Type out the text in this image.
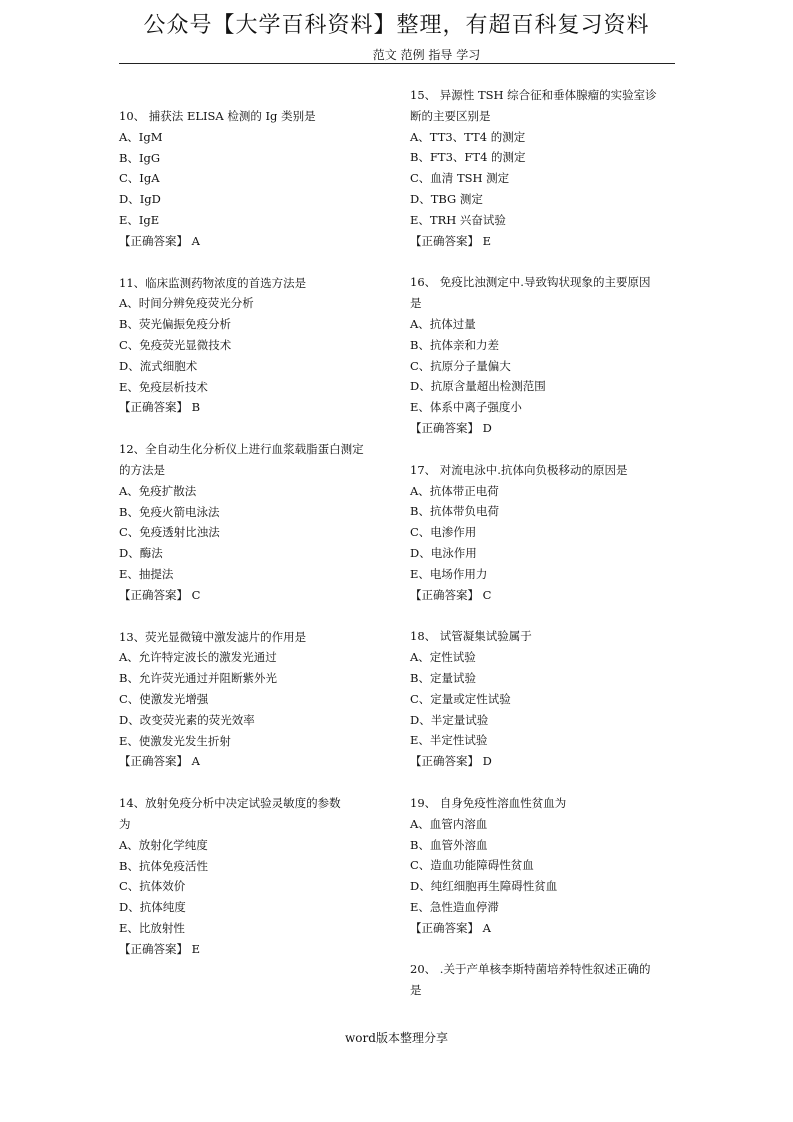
公众号【大学百科资料】整理，有超百科复习资料
范文 范例 指导 学习
10、 捕获法 ELISA 检测的 Ig 类别是
A、IgM
B、IgG
C、IgA
D、IgD
E、IgE
【正确答案】 A
11、临床监测药物浓度的首选方法是
A、时间分辨免疫荧光分析
B、荧光偏振免疫分析
C、免疫荧光显微技术
D、流式细胞术
E、免疫层析技术
【正确答案】 B
12、全自动生化分析仪上进行血浆载脂蛋白测定
的方法是
A、免疫扩散法
B、免疫火箭电泳法
C、免疫透射比浊法
D、酶法
E、抽提法
【正确答案】 C
13、荧光显微镜中激发滤片的作用是
A、允许特定波长的激发光通过
B、允许荧光通过并阻断紫外光
C、使激发光增强
D、改变荧光素的荧光效率
E、使激发光发生折射
【正确答案】 A
14、放射免疫分析中决定试验灵敏度的参数
为
A、放射化学纯度
B、抗体免疫活性
C、抗体效价
D、抗体纯度
E、比放射性
【正确答案】 E
15、 异源性 TSH 综合征和垂体腺瘤的实验室诊
断的主要区别是
A、TT3、TT4 的测定
B、FT3、FT4 的测定
C、血清 TSH 测定
D、TBG 测定
E、TRH 兴奋试验
【正确答案】 E
16、 免疫比浊测定中.导致钩状现象的主要原因
是
A、抗体过量
B、抗体亲和力差
C、抗原分子量偏大
D、抗原含量超出检测范围
E、体系中离子强度小
【正确答案】 D
17、 对流电泳中.抗体向负极移动的原因是
A、抗体带正电荷
B、抗体带负电荷
C、电渗作用
D、电泳作用
E、电场作用力
【正确答案】 C
18、 试管凝集试验属于
A、定性试验
B、定量试验
C、定量或定性试验
D、半定量试验
E、半定性试验
【正确答案】 D
19、 自身免疫性溶血性贫血为
A、血管内溶血
B、血管外溶血
C、造血功能障碍性贫血
D、纯红细胞再生障碍性贫血
E、急性造血停滞
【正确答案】 A
20、 .关于产单核李斯特菌培养特性叙述正确的
是
word版本整理分享
